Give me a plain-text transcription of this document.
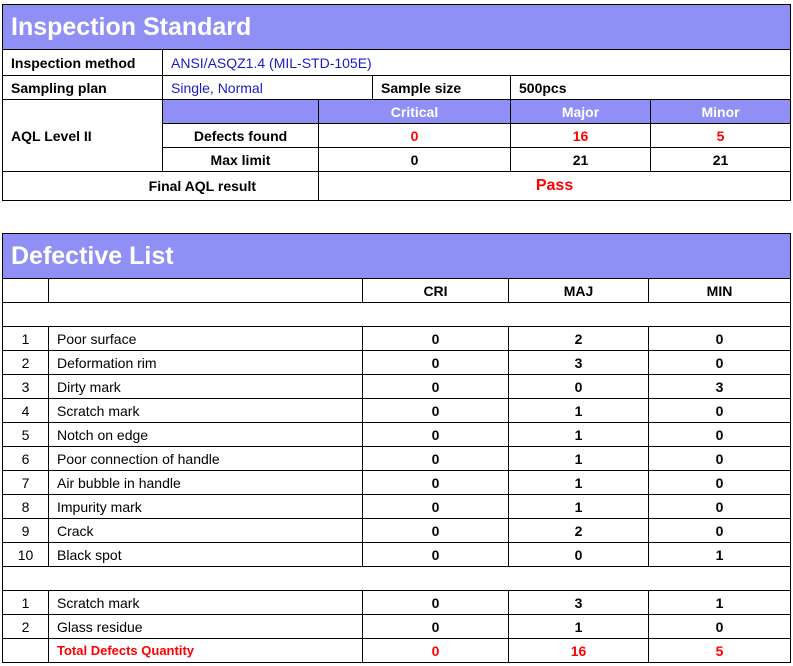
Inspection Standard					
Inspection method	ANSI/ASQZ1.4 (MIL-STD-105E)				
Sampling plan	Single, Normal		Sample size	500pcs	
AQL Level II		Critical		Major	Minor
	Defects found	0		16	5
	Max limit	0		21	21
Final AQL result		Pass			
Defective List				
		CRI	MAJ	MIN

1	Poor surface	0	2	0
2	Deformation rim	0	3	0
3	Dirty mark	0	0	3
4	Scratch mark	0	1	0
5	Notch on edge	0	1	0
6	Poor connection of handle	0	1	0
7	Air bubble in handle	0	1	0
8	Impurity mark	0	1	0
9	Crack	0	2	0
10	Black spot	0	0	1

1	Scratch mark	0	3	1
2	Glass residue	0	1	0
	Total Defects Quantity	0	16	5
